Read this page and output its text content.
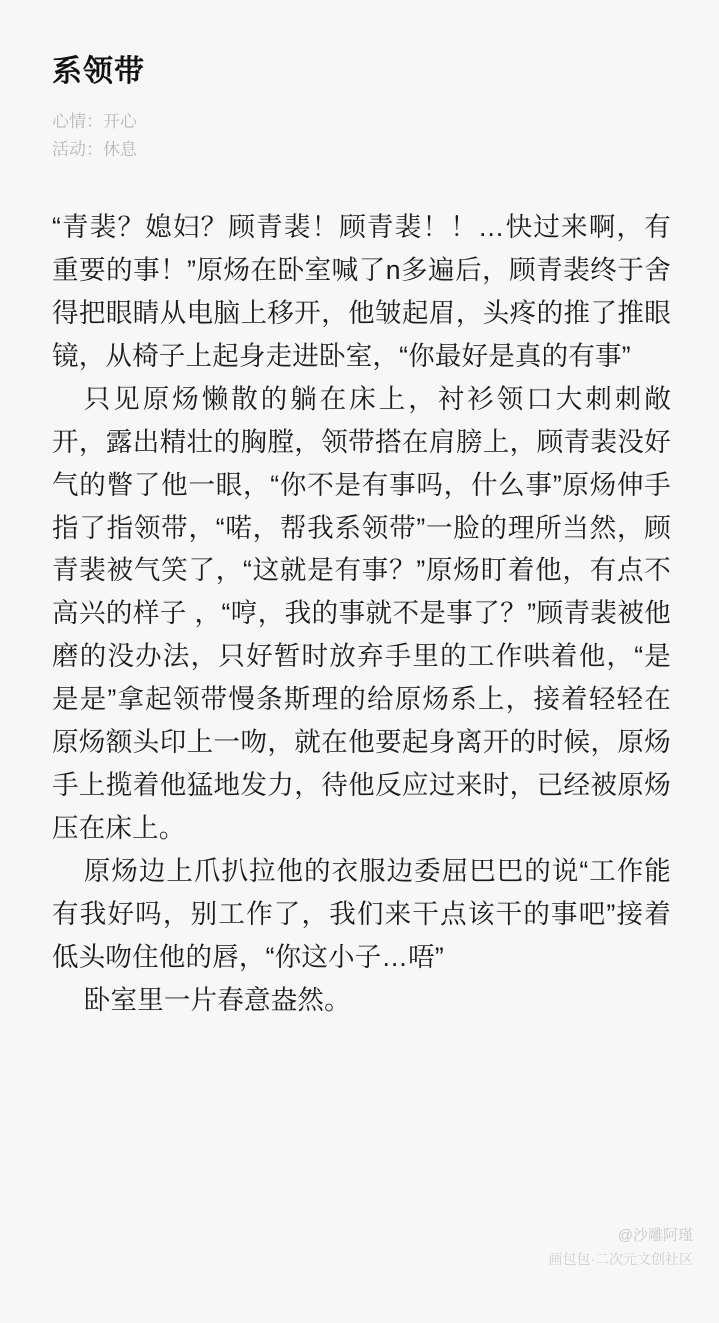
系领带
心情：开心
活动：休息

“青裴？媳妇？顾青裴！顾青裴！！…快过来啊，有重要的事！”原炀在卧室喊了n多遍后，顾青裴终于舍得把眼睛从电脑上移开，他皱起眉，头疼的推了推眼镜，从椅子上起身走进卧室，“你最好是真的有事”

只见原炀懒散的躺在床上，衬衫领口大刺刺敞开，露出精壮的胸膛，领带搭在肩膀上，顾青裴没好气的瞥了他一眼，“你不是有事吗，什么事”原炀伸手指了指领带，“喏，帮我系领带”一脸的理所当然，顾青裴被气笑了，“这就是有事？”原炀盯着他，有点不高兴的样子 ，“哼，我的事就不是事了？”顾青裴被他磨的没办法，只好暂时放弃手里的工作哄着他，“是是是”拿起领带慢条斯理的给原炀系上，接着轻轻在原炀额头印上一吻，就在他要起身离开的时候，原炀手上揽着他猛地发力，待他反应过来时，已经被原炀压在床上。

原炀边上爪扒拉他的衣服边委屈巴巴的说“工作能有我好吗，别工作了，我们来干点该干的事吧”接着低头吻住他的唇，“你这小子…唔”

卧室里一片春意盎然。

@沙雕阿瑾
画包包·二次元文创社区
